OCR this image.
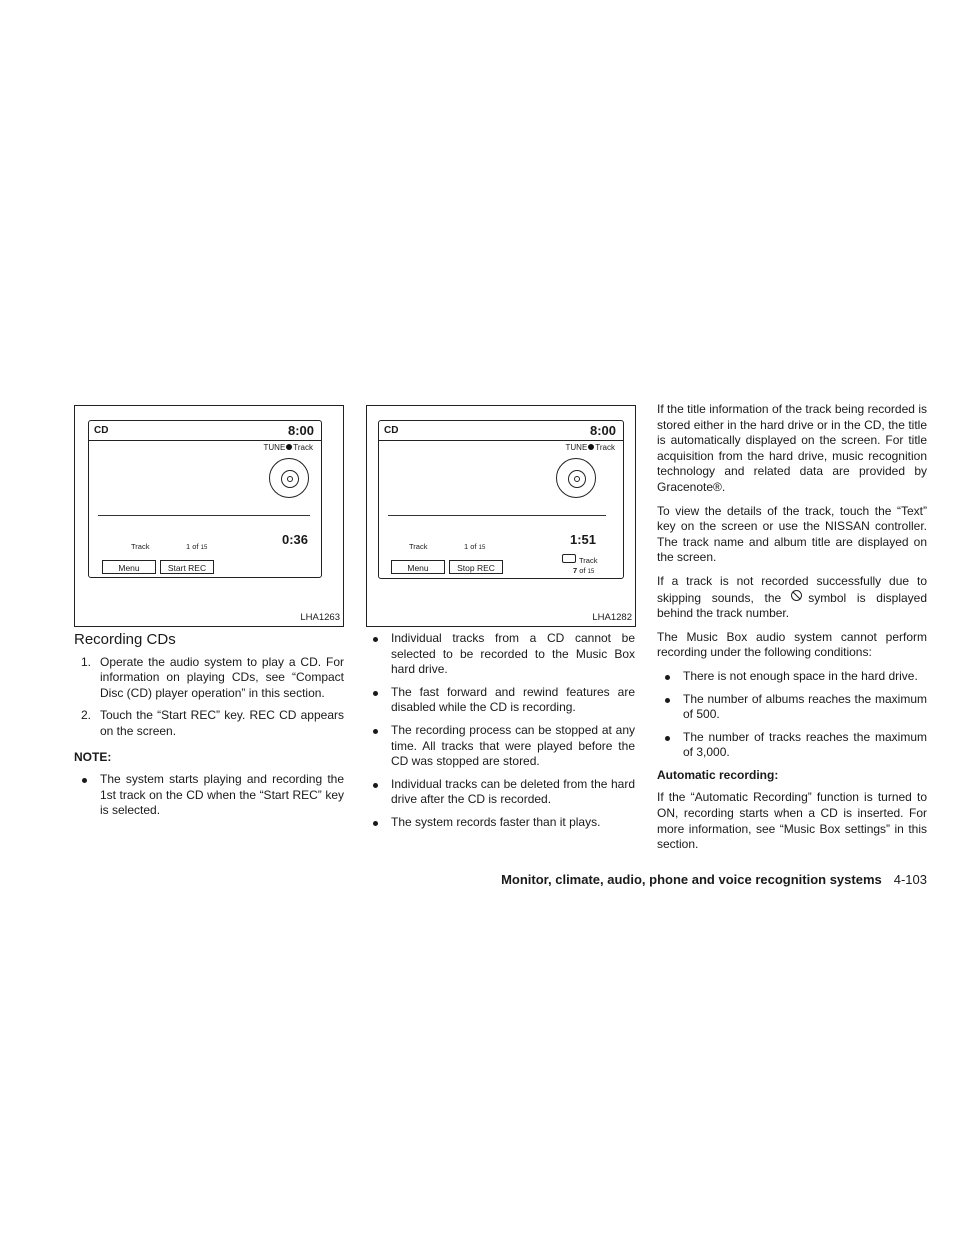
CD	8:00
TUNE Track
Track	1 of 15
0:36
Menu	Start REC
LHA1263
CD	8:00
TUNE Track
Track	1 of 15
1:51
Menu	Stop REC
Track
7 of 15
LHA1282
Recording CDs
1. Operate the audio system to play a CD. For information on playing CDs, see “Compact Disc (CD) player operation” in this section.
2. Touch the “Start REC” key. REC CD appears on the screen.
NOTE:
The system starts playing and recording the 1st track on the CD when the “Start REC” key is selected.
Individual tracks from a CD cannot be selected to be recorded to the Music Box hard drive.
The fast forward and rewind features are disabled while the CD is recording.
The recording process can be stopped at any time. All tracks that were played before the CD was stopped are stored.
Individual tracks can be deleted from the hard drive after the CD is recorded.
The system records faster than it plays.

If the title information of the track being recorded is stored either in the hard drive or in the CD, the title is automatically displayed on the screen. For title acquisition from the hard drive, music recognition technology and related data are provided by Gracenote®.

To view the details of the track, touch the “Text” key on the screen or use the NISSAN controller. The track name and album title are displayed on the screen.

If a track is not recorded successfully due to skipping sounds, the symbol is displayed behind the track number.

The Music Box audio system cannot perform recording under the following conditions:

There is not enough space in the hard drive.
The number of albums reaches the maximum of 500.
The number of tracks reaches the maximum of 3,000.
Automatic recording:

If the “Automatic Recording” function is turned to ON, recording starts when a CD is inserted. For more information, see “Music Box settings” in this section.

Monitor, climate, audio, phone and voice recognition systems 4-103
